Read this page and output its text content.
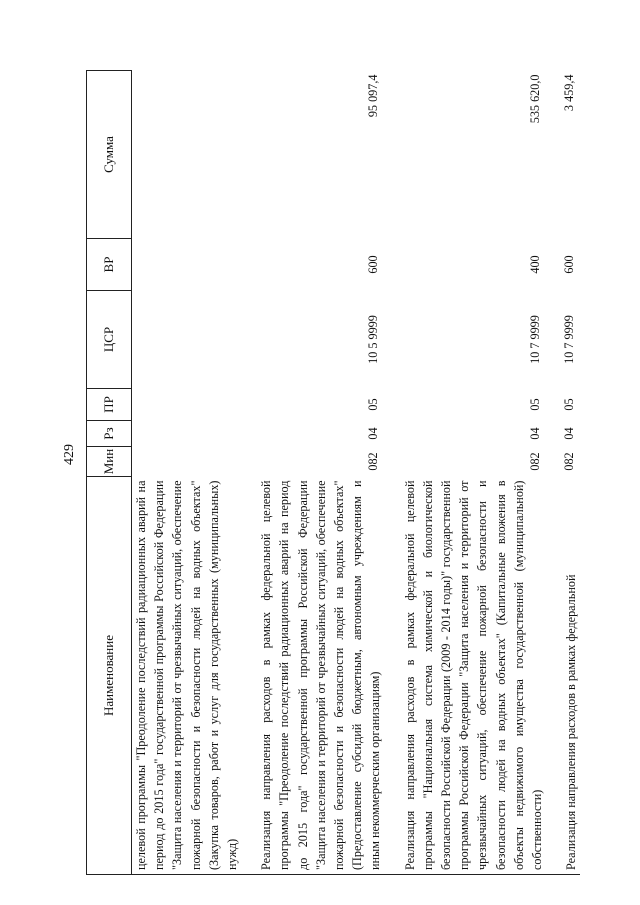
429
Наименование	Мин	Рз	ПР	ЦСР	ВР	Сумма
целевой программы "Преодоление последствий радиационных аварий на период до 2015 года" государственной программы Российской Федерации "Защита населения и территорий от чрезвычайных ситуаций, обеспечение пожарной безопасности и безопасности людей на водных объектах" (Закупка товаров, работ и услуг для государственных (муниципальных) нужд)						
Реализация направления расходов в рамках федеральной целевой программы "Преодоление последствий радиационных аварий на период до 2015 года" государственной программы Российской Федерации "Защита населения и территорий от чрезвычайных ситуаций, обеспечение пожарной безопасности и безопасности людей на водных объектах" (Предоставление субсидий бюджетным, автономным учреждениям и иным некоммерческим организациям)	082	04	05	10 5 9999	600	95 097,4
Реализация направления расходов в рамках федеральной целевой программы "Национальная система химической и биологической безопасности Российской Федерации (2009 - 2014 годы)" государственной программы Российской Федерации "Защита населения и территорий от чрезвычайных ситуаций, обеспечение пожарной безопасности и безопасности людей на водных объектах" (Капитальные вложения в объекты недвижимого имущества государственной (муниципальной) собственности)	082	04	05	10 7 9999	400	535 620,0
Реализация направления расходов в рамках федеральной	082	04	05	10 7 9999	600	3 459,4
